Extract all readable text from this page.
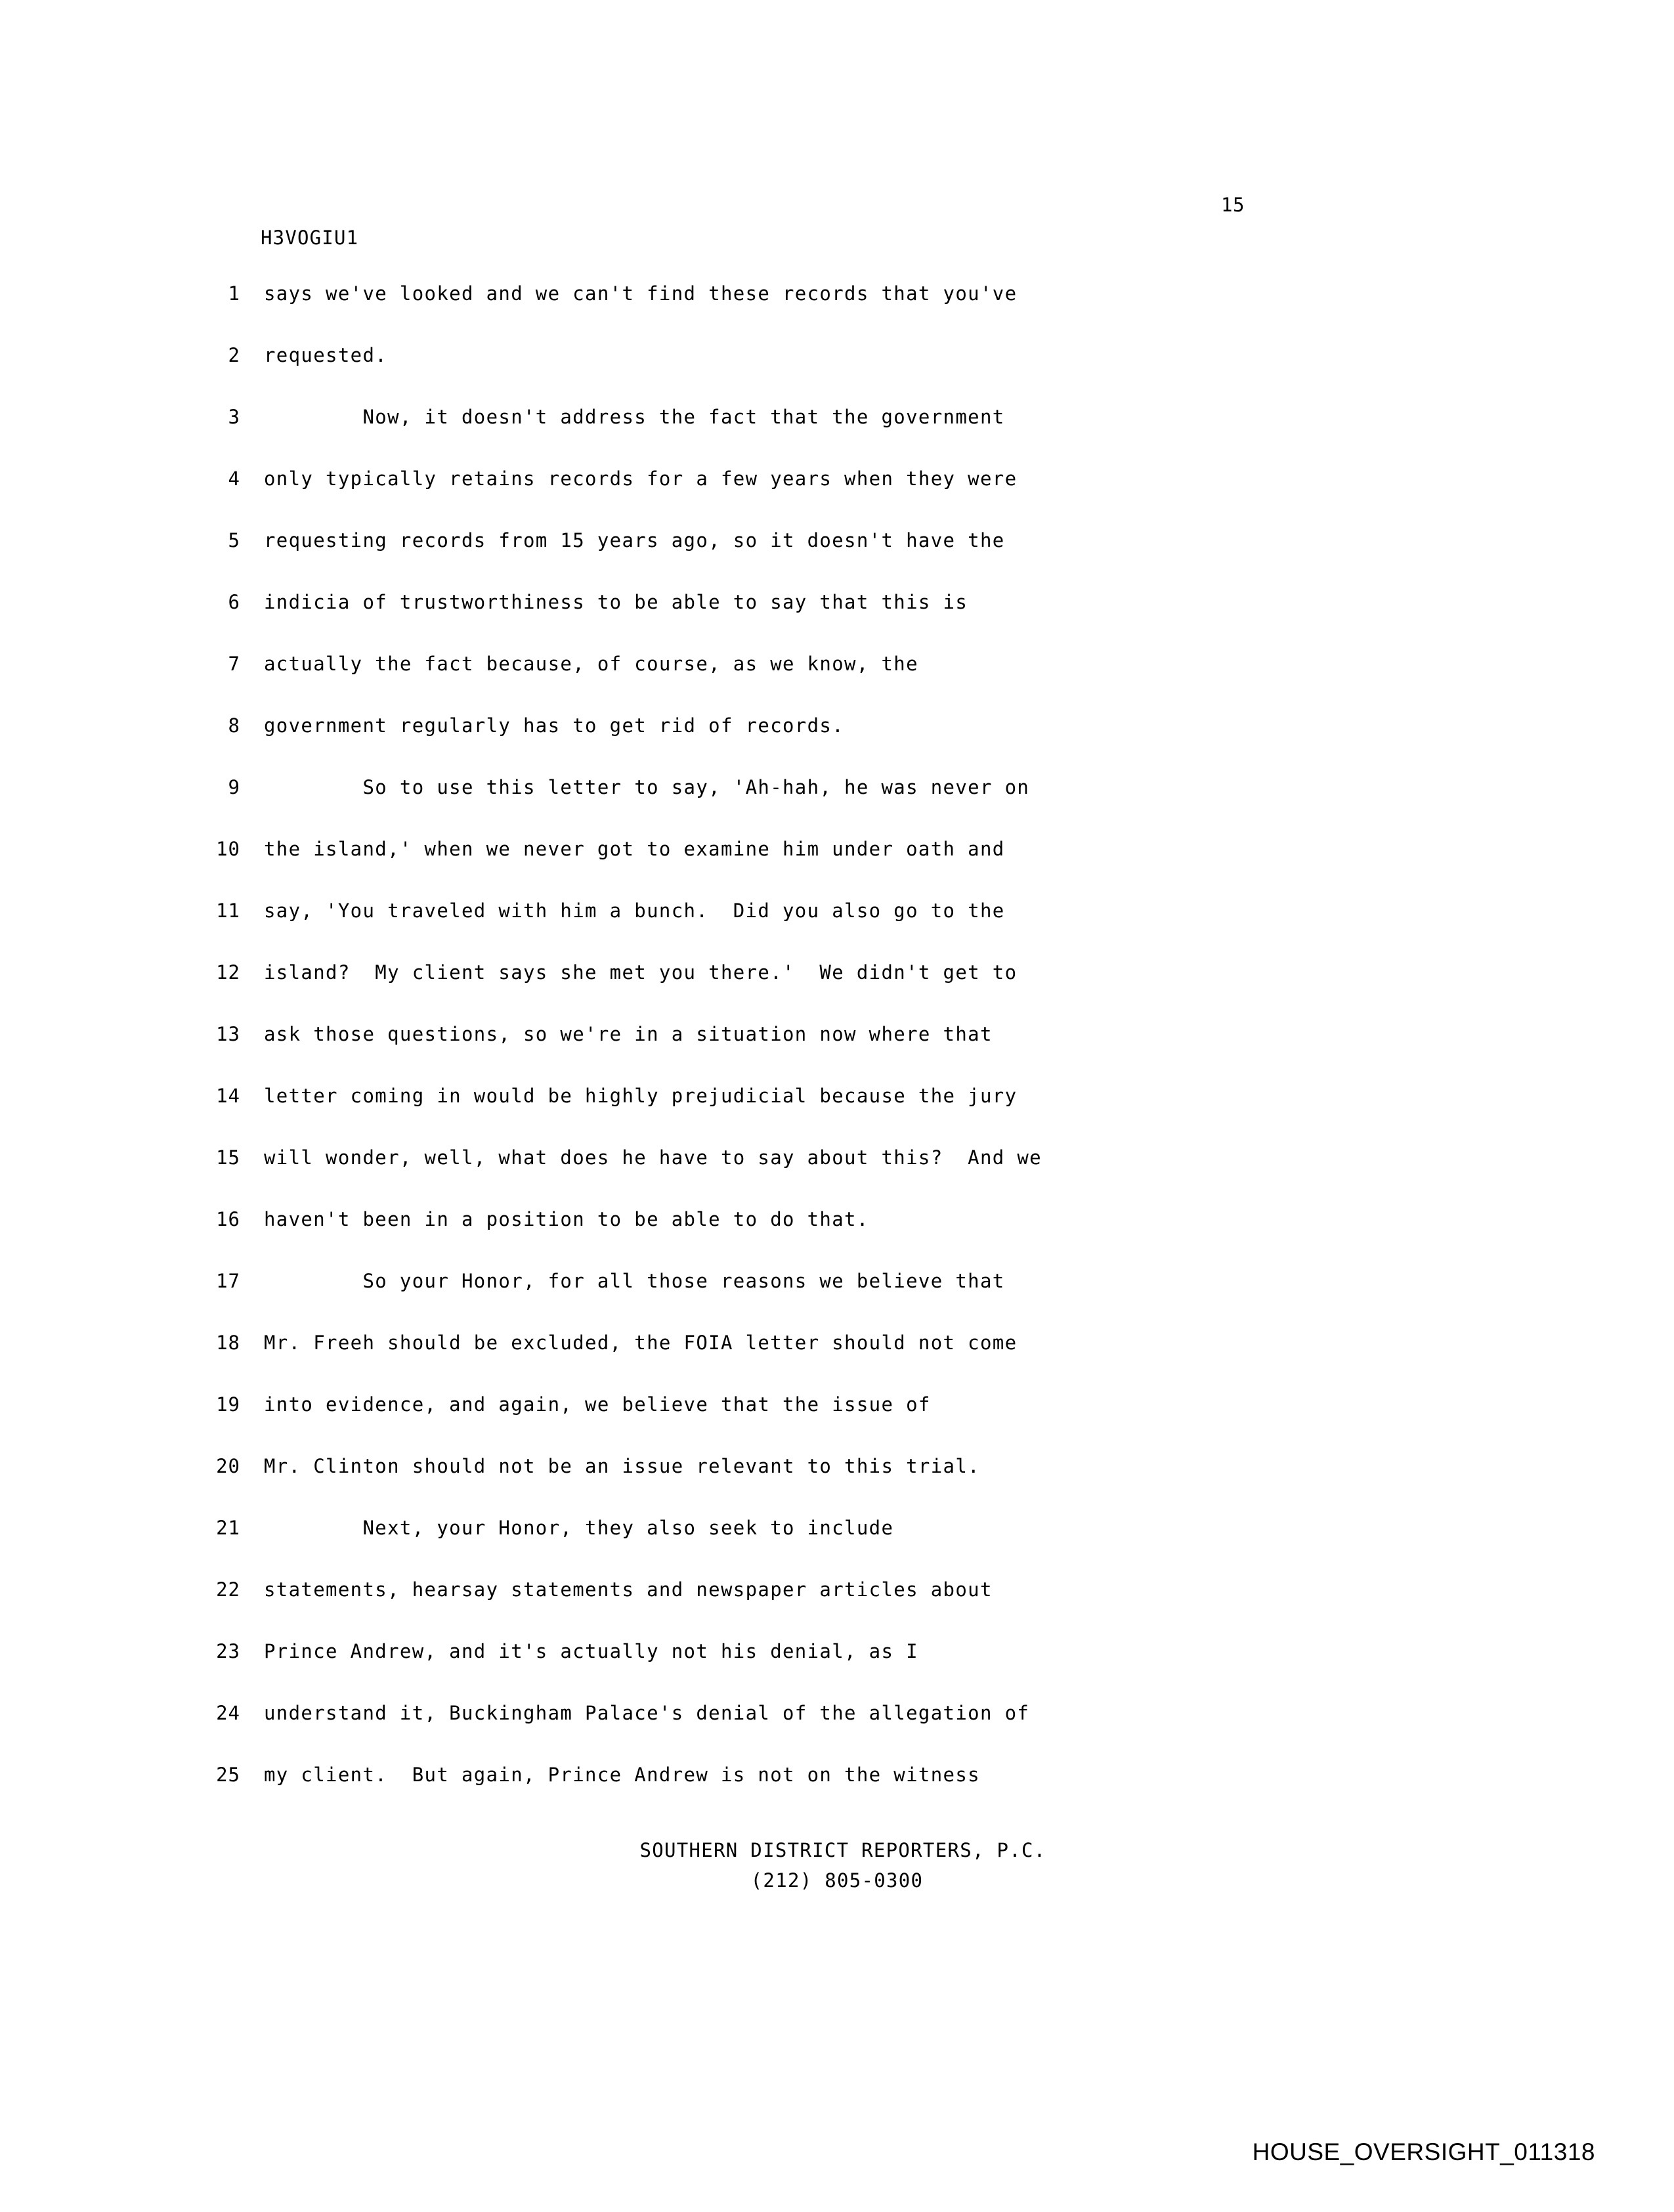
15
H3VOGIU1
1	says we've looked and we can't find these records that you've
2	requested.
3	Now, it doesn't address the fact that the government
4	only typically retains records for a few years when they were
5	requesting records from 15 years ago, so it doesn't have the
6	indicia of trustworthiness to be able to say that this is
7	actually the fact because, of course, as we know, the
8	government regularly has to get rid of records.
9	So to use this letter to say, 'Ah-hah, he was never on
10	the island,' when we never got to examine him under oath and
11	say, 'You traveled with him a bunch.  Did you also go to the
12	island?  My client says she met you there.'  We didn't get to
13	ask those questions, so we're in a situation now where that
14	letter coming in would be highly prejudicial because the jury
15	will wonder, well, what does he have to say about this?  And we
16	haven't been in a position to be able to do that.
17	So your Honor, for all those reasons we believe that
18	Mr. Freeh should be excluded, the FOIA letter should not come
19	into evidence, and again, we believe that the issue of
20	Mr. Clinton should not be an issue relevant to this trial.
21	Next, your Honor, they also seek to include
22	statements, hearsay statements and newspaper articles about
23	Prince Andrew, and it's actually not his denial, as I
24	understand it, Buckingham Palace's denial of the allegation of
25	my client.  But again, Prince Andrew is not on the witness
SOUTHERN DISTRICT REPORTERS, P.C.
(212) 805-0300
HOUSE_OVERSIGHT_011318
